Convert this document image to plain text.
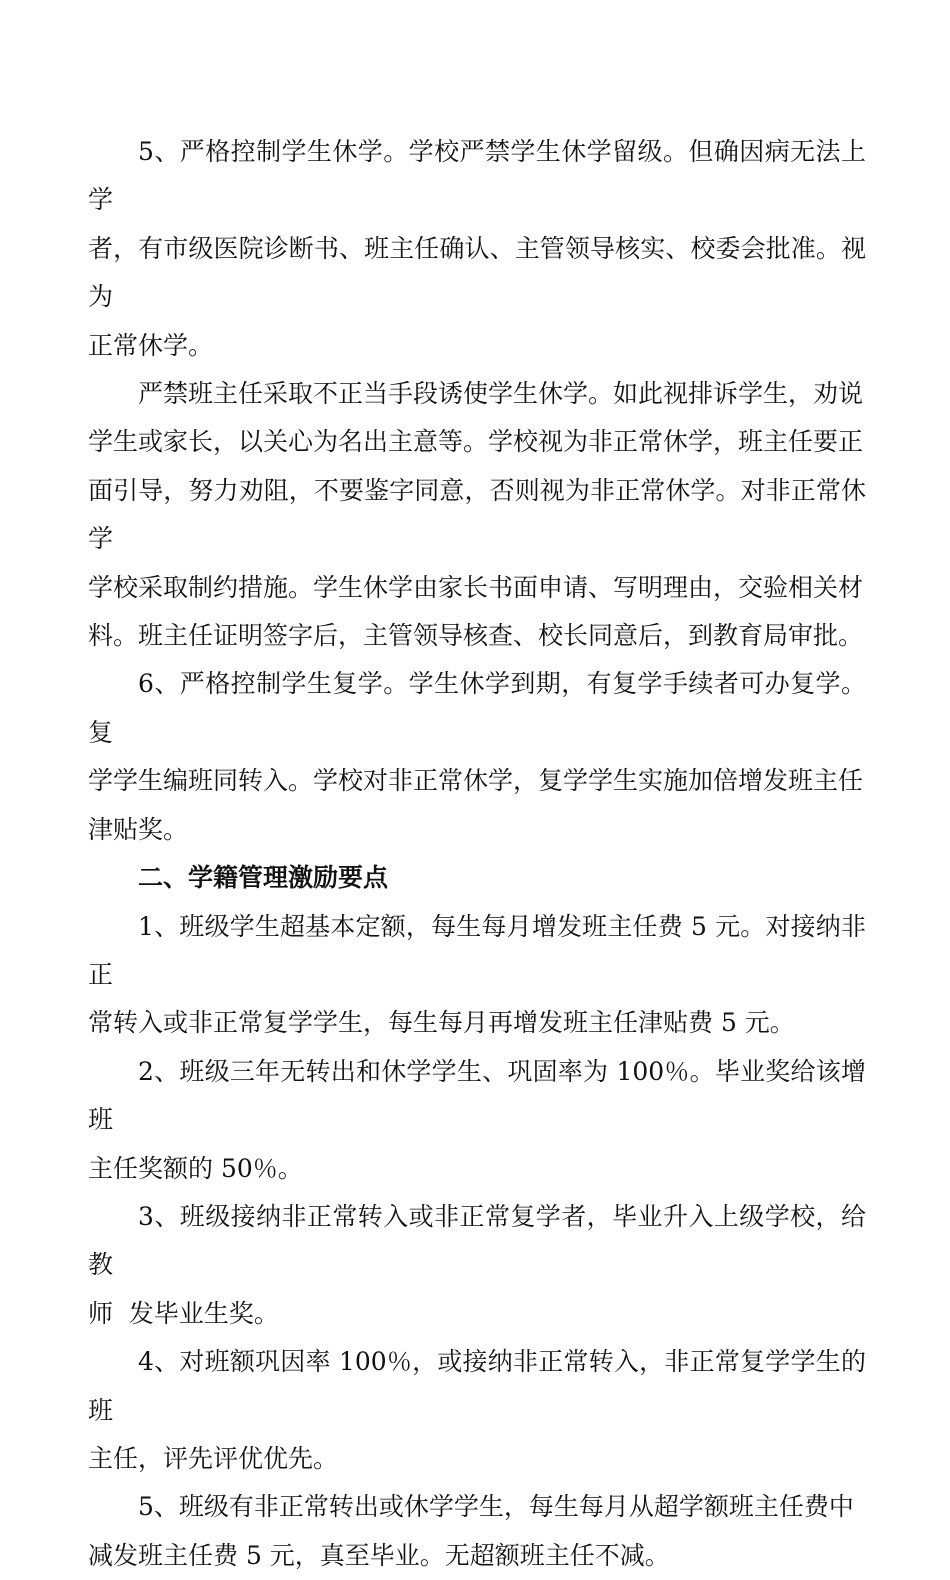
5、严格控制学生休学。学校严禁学生休学留级。但确因病无法上学
者，有市级医院诊断书、班主任确认、主管领导核实、校委会批准。视为
正常休学。

严禁班主任采取不正当手段诱使学生休学。如此视排诉学生，劝说
学生或家长，以关心为名出主意等。学校视为非正常休学，班主任要正
面引导，努力劝阻，不要鉴字同意，否则视为非正常休学。对非正常休学
学校采取制约措施。学生休学由家长书面申请、写明理由，交验相关材
料。班主任证明签字后，主管领导核查、校长同意后，到教育局审批。

6、严格控制学生复学。学生休学到期，有复学手续者可办复学。复
学学生编班同转入。学校对非正常休学，复学学生实施加倍增发班主任
津贴奖。

二、学籍管理激励要点

1、班级学生超基本定额，每生每月增发班主任费 5 元。对接纳非正
常转入或非正常复学学生，每生每月再增发班主任津贴费 5 元。

2、班级三年无转出和休学学生、巩固率为 100％。毕业奖给该增班
主任奖额的 50％。

3、班级接纳非正常转入或非正常复学者，毕业升入上级学校，给教
师  发毕业生奖。

4、对班额巩因率 100％，或接纳非正常转入，非正常复学学生的班
主任，评先评优优先。

5、班级有非正常转出或休学学生，每生每月从超学额班主任费中
减发班主任费 5 元，真至毕业。无超额班主任不减。
